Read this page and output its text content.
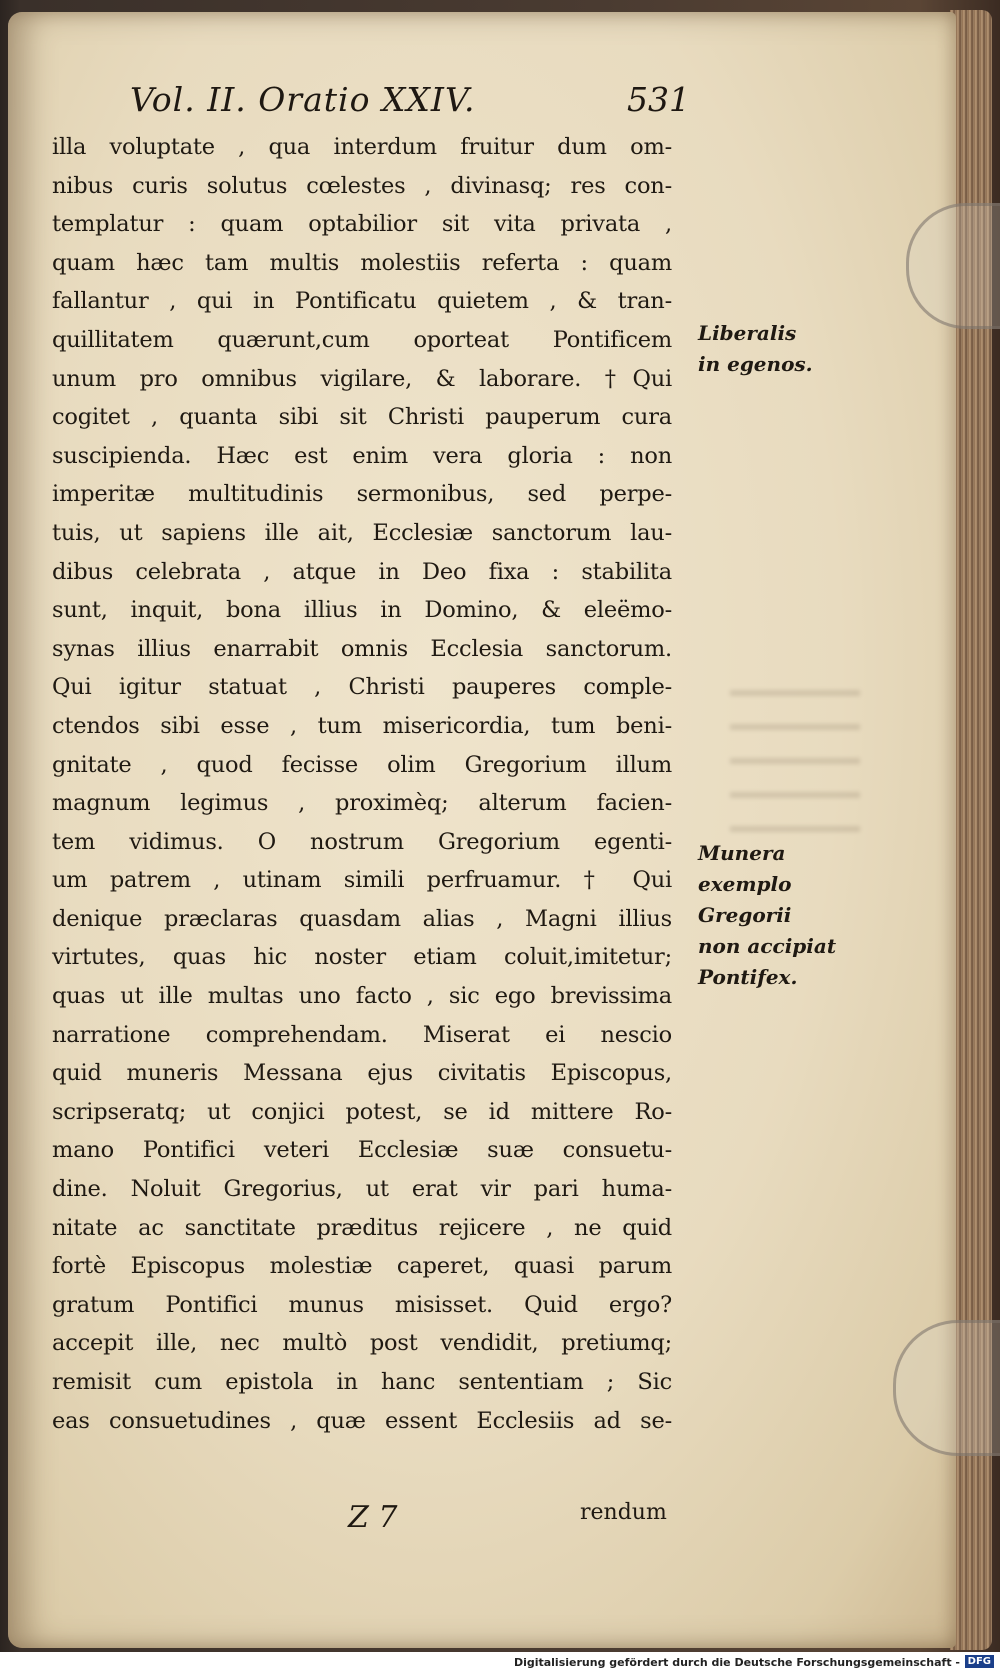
Vol. II. Oratio XXIV.	531
illa voluptate , qua interdum fruitur dum om-
nibus curis solutus cœlestes , divinasq; res con-
templatur : quam optabilior sit vita privata ,
quam hæc tam multis molestiis referta : quam
fallantur , qui in Pontificatu quietem , & tran-
quillitatem quærunt,cum oporteat Pontificem
unum pro omnibus vigilare, & laborare. †Qui
cogitet , quanta sibi sit Christi pauperum cura
suscipienda. Hæc est enim vera gloria : non
imperitæ multitudinis sermonibus, sed perpe-
tuis, ut sapiens ille ait, Ecclesiæ sanctorum lau-
dibus celebrata , atque in Deo fixa : stabilita
sunt, inquit, bona illius in Domino, & eleëmo-
synas illius enarrabit omnis Ecclesia sanctorum.
Qui igitur statuat , Christi pauperes comple-
ctendos sibi esse , tum misericordia, tum beni-
gnitate , quod fecisse olim Gregorium illum
magnum legimus , proximèq; alterum facien-
tem vidimus. O nostrum Gregorium egenti-
um patrem , utinam simili perfruamur. † Qui
denique præclaras quasdam alias , Magni illius
virtutes, quas hic noster etiam coluit,imitetur;
quas ut ille multas uno facto , sic ego brevissima
narratione comprehendam. Miserat ei nescio
quid muneris Messana ejus civitatis Episcopus,
scripseratq; ut conjici potest, se id mittere Ro-
mano Pontifici veteri Ecclesiæ suæ consuetu-
dine. Noluit Gregorius, ut erat vir pari huma-
nitate ac sanctitate præditus rejicere , ne quid
fortè Episcopus molestiæ caperet, quasi parum
gratum Pontifici munus misisset. Quid ergo?
accepit ille, nec multò post vendidit, pretiumq;
remisit cum epistola in hanc sententiam ; Sic
eas consuetudines , quæ essent Ecclesiis ad se-
Liberalis
in egenos.
Munera
exemplo
Gregorii
non accipiat
Pontifex.
Z 7	rendum
Digitalisierung gefördert durch die Deutsche Forschungsgemeinschaft - DFG
